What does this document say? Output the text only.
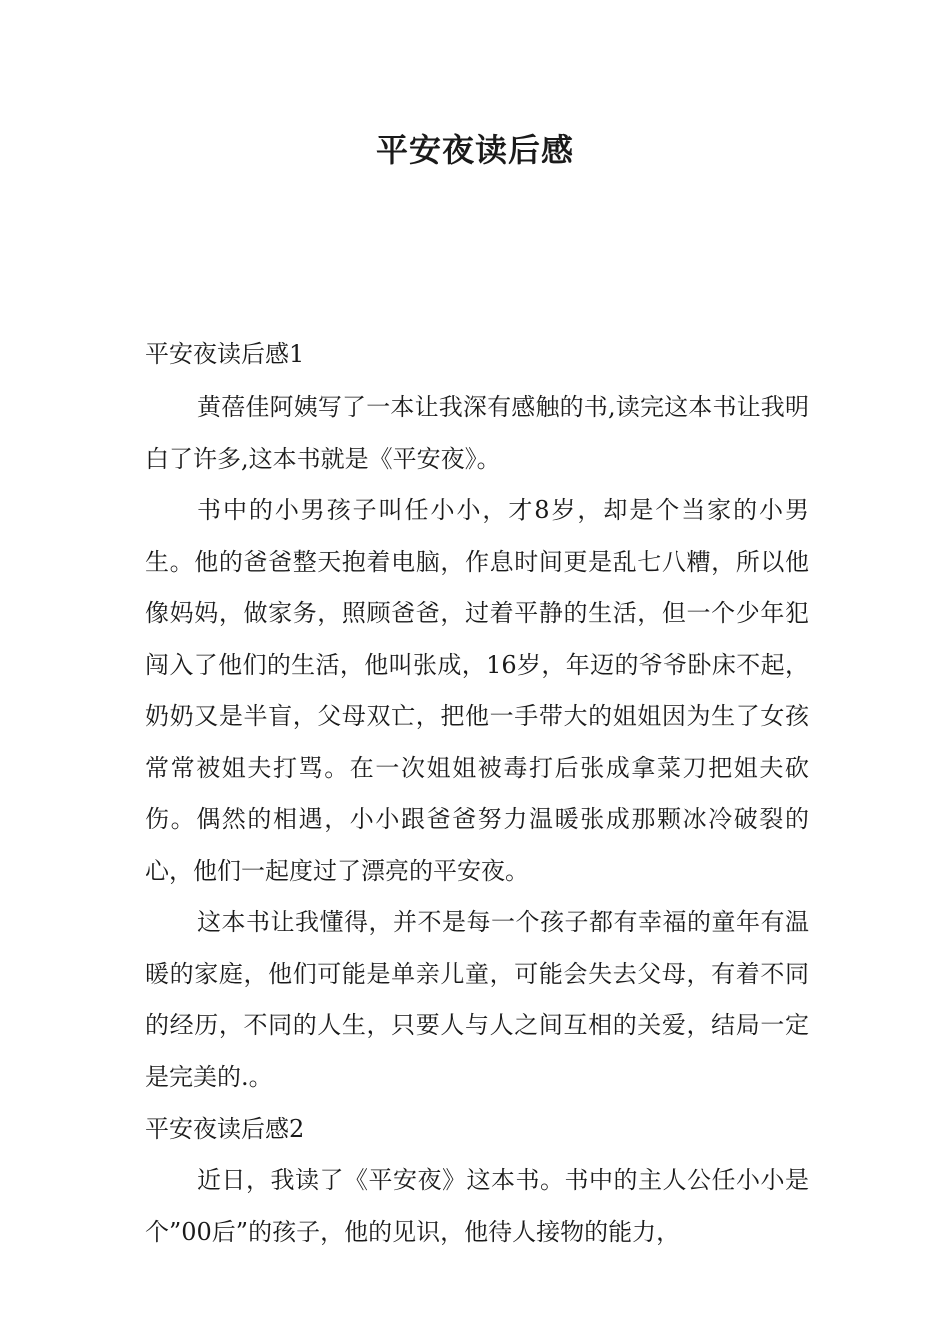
平安夜读后感
平安夜读后感1

黄蓓佳阿姨写了一本让我深有感触的书,读完这本书让我明白了许多,这本书就是《平安夜》。

书中的小男孩子叫任小小，才8岁，却是个当家的小男生。他的爸爸整天抱着电脑，作息时间更是乱七八糟，所以他像妈妈，做家务，照顾爸爸，过着平静的生活，但一个少年犯闯入了他们的生活，他叫张成，16岁，年迈的爷爷卧床不起，奶奶又是半盲，父母双亡，把他一手带大的姐姐因为生了女孩常常被姐夫打骂。在一次姐姐被毒打后张成拿菜刀把姐夫砍伤。偶然的相遇，小小跟爸爸努力温暖张成那颗冰冷破裂的心，他们一起度过了漂亮的平安夜。

这本书让我懂得，并不是每一个孩子都有幸福的童年有温暖的家庭，他们可能是单亲儿童，可能会失去父母，有着不同的经历，不同的人生，只要人与人之间互相的关爱，结局一定是完美的.。

平安夜读后感2

近日，我读了《平安夜》这本书。书中的主人公任小小是个”00后”的孩子，他的见识，他待人接物的能力，
